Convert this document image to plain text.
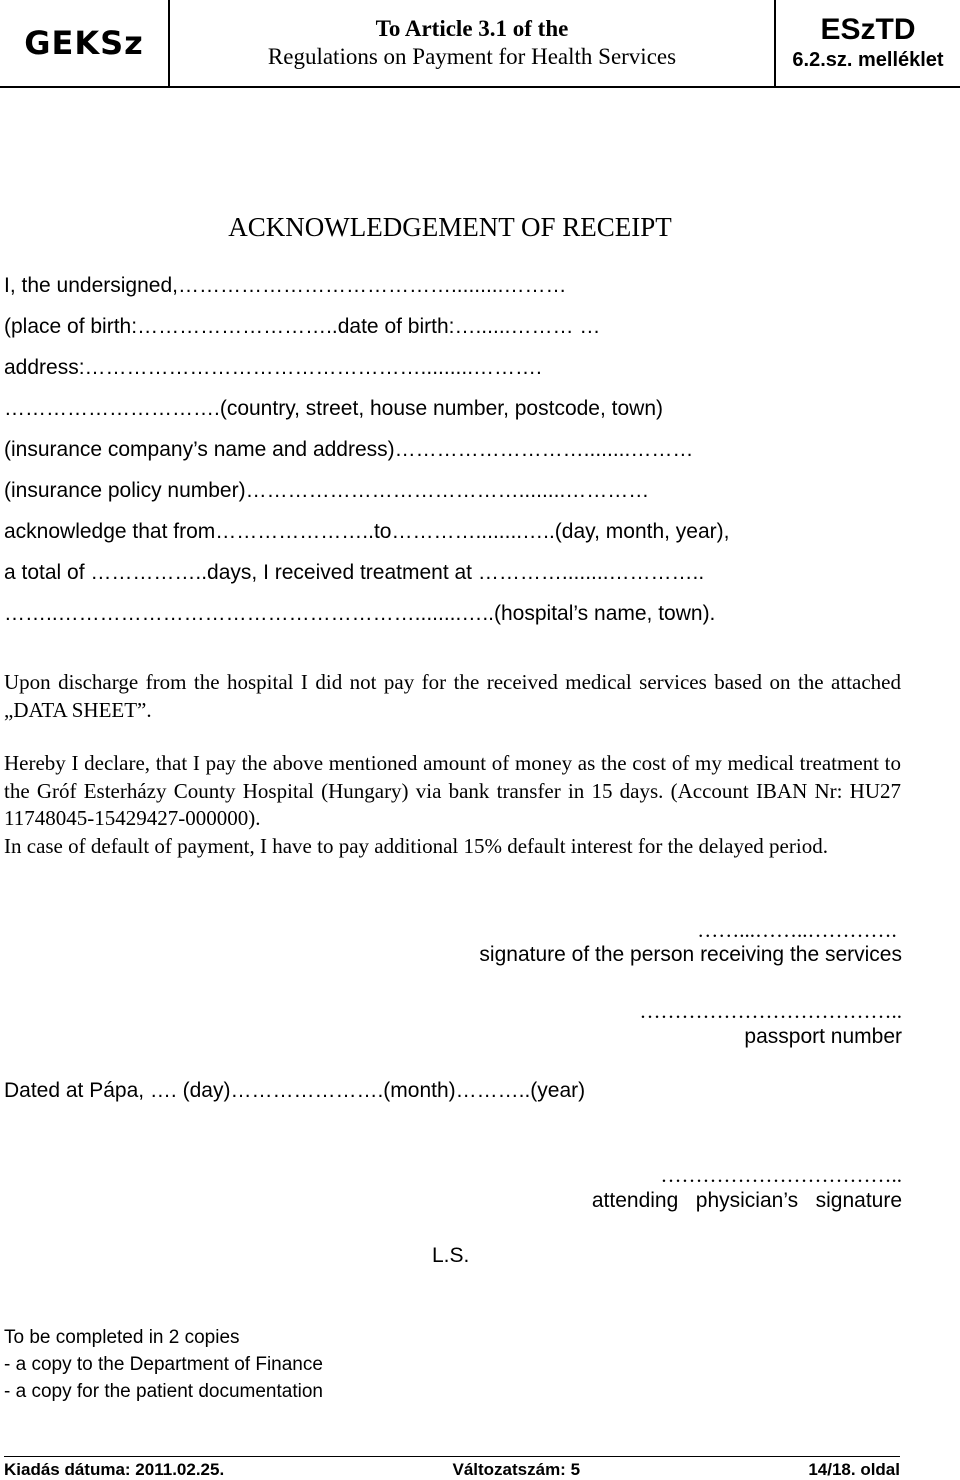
GEKSz	To Article 3.1 of the
Regulations on Payment for Health Services
ESzTD
6.2.sz. melléklet
ACKNOWLEDGEMENT OF RECEIPT
I, the undersigned,………………………………….........………
(place of birth:………………………..date of birth:…......……… …
address:………………………………………….........……….
………………………….(country, street, house number, postcode, town)
(insurance company’s name and address)………………………........………
(insurance policy number)…………………………………........…………
acknowledge that from…………………..to…………........…..(day, month, year),
a total of ……………..days, I received treatment at …………........…………..
……..……………………………………………........…..(hospital’s name, town).
Upon discharge from the hospital I did not pay for the received medical services based on the attached „DATA SHEET”.
Hereby I declare, that I pay the above mentioned amount of money as the cost of my medical treatment to the Gróf Esterházy County Hospital (Hungary) via bank transfer in 15 days. (Account IBAN Nr: HU27 11748045-15429427-000000).
In case of default of payment, I have to pay additional 15% default interest for the delayed period.
……...……..………….
signature of the person receiving the services
………………………………..
passport number
Dated at Pápa, …. (day)………………….(month)………..(year)
……………………………..
attending   physician’s   signature
L.S.
To be completed in 2 copies
- a copy to the Department of Finance
- a copy for the patient documentation
Kiadás dátuma: 2011.02.25.	Változatszám: 5	14/18. oldal
